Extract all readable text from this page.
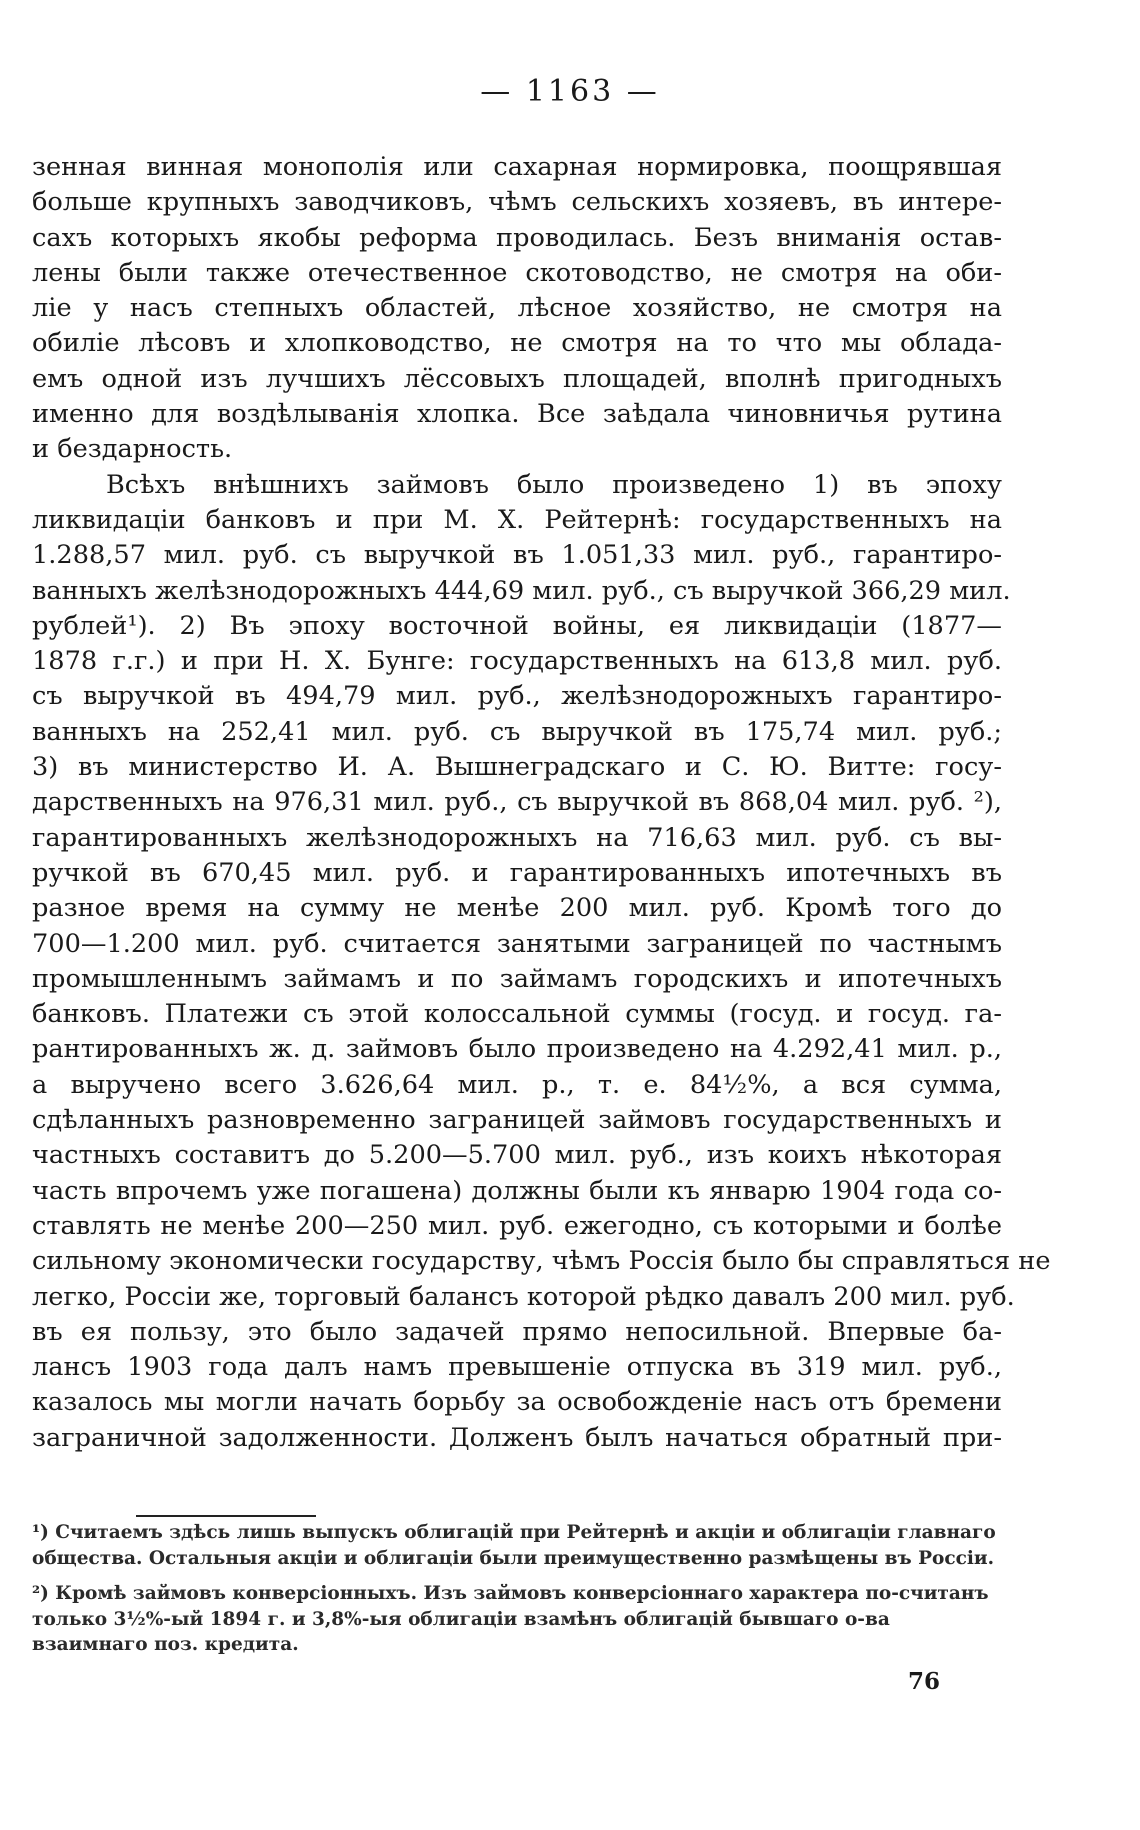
— 1163 —
зенная винная монополія или сахарная нормировка, поощрявшая
больше крупныхъ заводчиковъ, чѣмъ сельскихъ хозяевъ, въ интере-
сахъ которыхъ якобы реформа проводилась. Безъ вниманія остав-
лены были также отечественное скотоводство, не смотря на оби-
ліе у насъ степныхъ областей, лѣсное хозяйство, не смотря на
обиліе лѣсовъ и хлопководство, не смотря на то что мы облада-
емъ одной изъ лучшихъ лёссовыхъ площадей, вполнѣ пригодныхъ
именно для воздѣлыванія хлопка. Все заѣдала чиновничья рутина
и бездарность.
Всѣхъ внѣшнихъ займовъ было произведено 1) въ эпоху
ликвидаціи банковъ и при М. Х. Рейтернѣ: государственныхъ на
1.288,57 мил. руб. съ выручкой въ 1.051,33 мил. руб., гарантиро-
ванныхъ желѣзнодорожныхъ 444,69 мил. руб., съ выручкой 366,29 мил.
рублей¹). 2) Въ эпоху восточной войны, ея ликвидаціи (1877—
1878 г.г.) и при Н. Х. Бунге: государственныхъ на 613,8 мил. руб.
съ выручкой въ 494,79 мил. руб., желѣзнодорожныхъ гарантиро-
ванныхъ на 252,41 мил. руб. съ выручкой въ 175,74 мил. руб.;
3) въ министерство И. А. Вышнеградскаго и С. Ю. Витте: госу-
дарственныхъ на 976,31 мил. руб., съ выручкой въ 868,04 мил. руб. ²),
гарантированныхъ желѣзнодорожныхъ на 716,63 мил. руб. съ вы-
ручкой въ 670,45 мил. руб. и гарантированныхъ ипотечныхъ въ
разное время на сумму не менѣе 200 мил. руб. Кромѣ того до
700—1.200 мил. руб. считается занятыми заграницей по частнымъ
промышленнымъ займамъ и по займамъ городскихъ и ипотечныхъ
банковъ. Платежи съ этой колоссальной суммы (госуд. и госуд. га-
рантированныхъ ж. д. займовъ было произведено на 4.292,41 мил. р.,
а выручено всего 3.626,64 мил. р., т. е. 84½%, а вся сумма,
сдѣланныхъ разновременно заграницей займовъ государственныхъ и
частныхъ составитъ до 5.200—5.700 мил. руб., изъ коихъ нѣкоторая
часть впрочемъ уже погашена) должны были къ январю 1904 года со-
ставлять не менѣе 200—250 мил. руб. ежегодно, съ которыми и болѣе
сильному экономически государству, чѣмъ Россія было бы справляться не
легко, Россіи же, торговый балансъ которой рѣдко давалъ 200 мил. руб.
въ ея пользу, это было задачей прямо непосильной. Впервые ба-
лансъ 1903 года далъ намъ превышеніе отпуска въ 319 мил. руб.,
казалось мы могли начать борьбу за освобожденіе насъ отъ бремени
заграничной задолженности. Долженъ былъ начаться обратный при-
¹) Считаемъ здѣсь лишь выпускъ облигацій при Рейтернѣ и акціи и облигаціи главнаго общества. Остальныя акціи и облигаціи были преимущественно размѣщены въ Россіи.
²) Кромѣ займовъ конверсіонныхъ. Изъ займовъ конверсіоннаго характера по-считанъ только 3½%-ый 1894 г. и 3,8%-ыя облигаціи взамѣнъ облигацій бывшаго о-ва взаимнаго поз. кредита.
76
